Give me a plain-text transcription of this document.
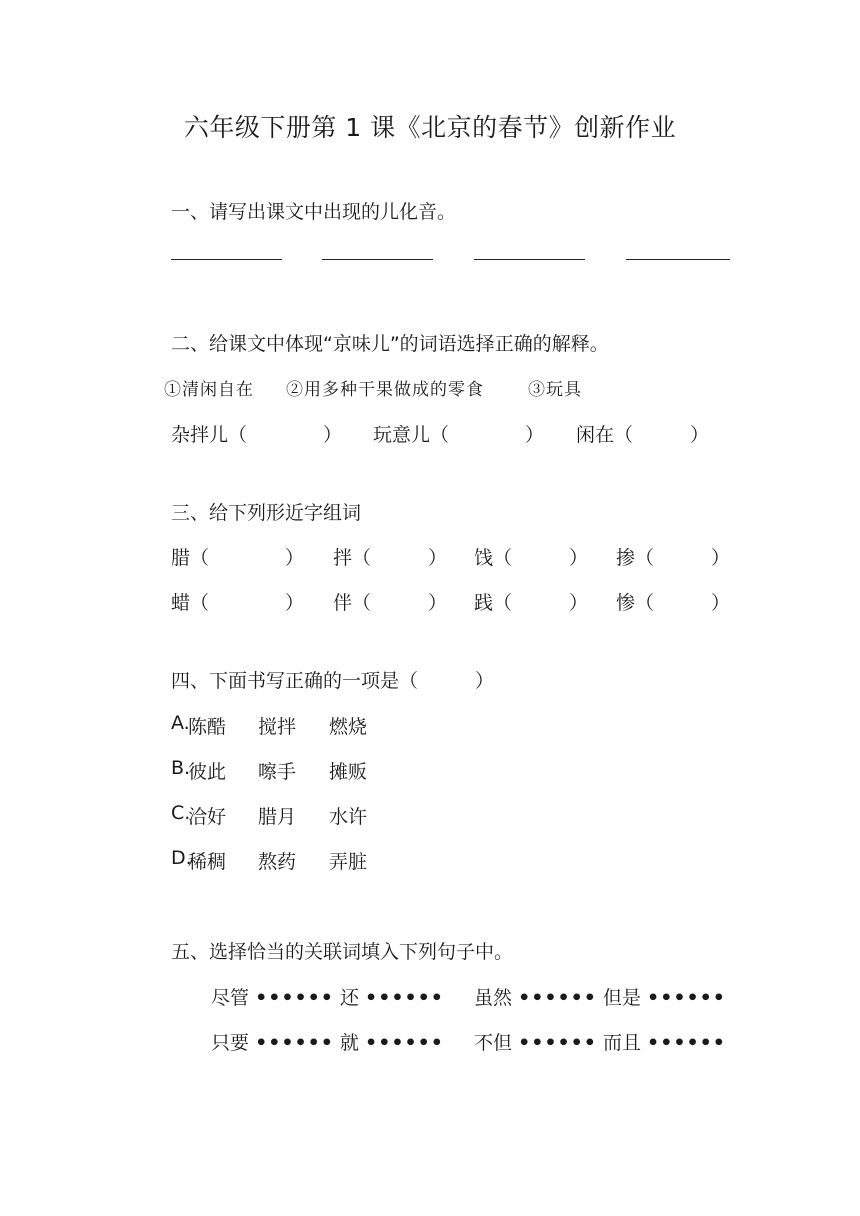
六年级下册第 1 课《北京的春节》创新作业
一、请写出课文中出现的儿化音。
二、给课文中体现“京味儿”的词语选择正确的解释。
①清闲自在 ②用多种干果做成的零食	③玩具
杂拌儿（　　　　） 玩意儿（　　　　） 闲在（　　　）
三、给下列形近字组词
腊（　　　　） 拌（　　　） 饯（　　　） 掺（　　　）
蜡（　　　　） 伴（　　　） 践（　　　） 惨（　　　）
四、下面书写正确的一项是（　　　）
A.
陈酷 搅拌 燃烧
B.
彼此 嚓手 摊贩
C.
洽好 腊月 水许
D.
稀稠 熬药 弄脏
五、选择恰当的关联词填入下列句子中。
尽管 •••••• 还 •••••• 虽然 •••••• 但是 ••••••
只要 •••••• 就 •••••• 不但 •••••• 而且 ••••••
